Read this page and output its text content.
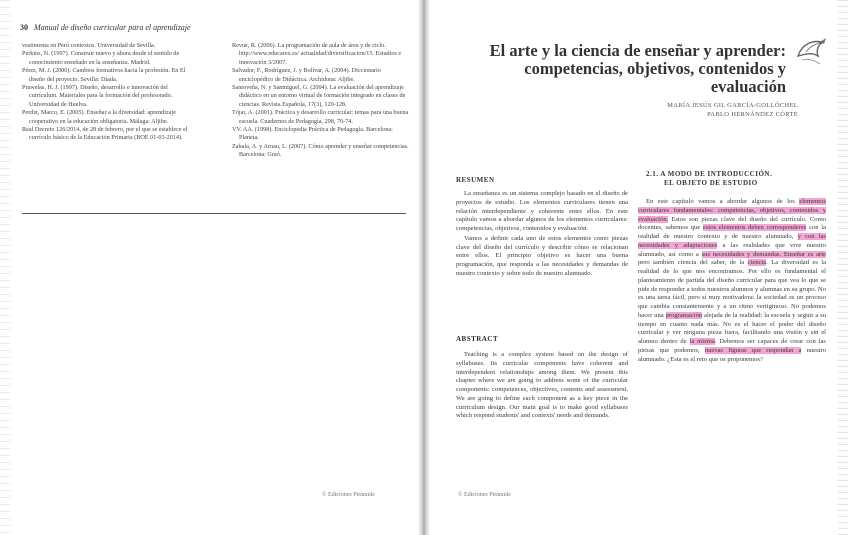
30 Manual de diseño curricular para el aprendizaje
vestimenta en Perú contextos. Universidad de Sevilla.
Perkins, N. (1997). Construir nuevo y ahora desde el sentido de conocimiento enseñado en la enseñanza. Madrid.
Pérez, M. J. (2000). Cambios formativos hacia la profesión. En El diseño del proyecto. Sevilla: Díada.
Prawelas, H. J. (1997). Diseño, desarrollo e innovación del currículum. Materiales para la formación del profesorado. Universidad de Huelva.
Perdiz, Marco, E. (2005). Enseñar a la diversidad: aprendizaje cooperativo en la educación obligatoria. Málaga: Aljibe.
Real Decreto 126/2014, de 28 de febrero, por el que se establece el currículo básico de la Educación Primaria (BOE 01-03-2014).
Revue, R. (2006). La programación de aula de área y de ciclo. http://www.educarex.es/ actualidad/diversificacion/15. Estudios e innovación 3/2007.
Salvador, F., Rodríguez, J. y Bolívar, A. (2004). Diccionario enciclopédico de Didáctica. Archidona: Aljibe.
Santoveña, N. y Sanmiguel, G. (2004). La evaluación del aprendizaje didáctico en un entorno virtual de formación integrado en clases de ciencias. Revista Española, 17(3), 120-128.
Tójar, A. (2001). Práctica y desarrollo curricular: temas para una buena escuela. Cuadernos de Pedagogía, 298, 70-74.
VV. AA. (1998). Enciclopedia Práctica de Pedagogía. Barcelona: Planeta.
Zabala, A. y Arnau, L. (2007). Cómo aprender y enseñar competencias. Barcelona: Graó.
© Ediciones Pirámide
El arte y la ciencia de enseñar y aprender: competencias, objetivos, contenidos y evaluación
MARÍA JESÚS GIL GARCÍA-GOLLÓCHEL
PABLO HERNÁNDEZ CÓRTE
RESUMEN

La enseñanza es un sistema complejo basado en el diseño de proyectos de estudio. Los elementos curriculares tienen una relación interdependiente y coherente entre ellos. En este capítulo vamos a abordar algunos de los elementos curriculares: competencias, objetivos, contenidos y evaluación.

Vamos a definir cada uno de estos elementos como piezas clave del diseño del currículo y describir cómo se relacionan entre ellos. El principio objetivo es hacer una buena programación, que responda a las necesidades y demandas de nuestro contexto y sobre todo de nuestro alumnado.

ABSTRACT

Teaching is a complex system based on the design of syllabuses. Its curricular components have coherent and interdependent relationships among them. We present this chapter where we are going to address some of the curricular components: competences, objectives, contents and assessment. We are going to define each component as a key piece in the curriculum design. Our main goal is to make good syllabuses which respond students' and contexts' needs and demands.

2.1. A MODO DE INTRODUCCIÓN.
EL OBJETO DE ESTUDIO

En este capítulo vamos a abordar algunos de los elementos curriculares fundamentales: competencias, objetivos, contenidos y evaluación. Estos son piezas clave del diseño del currículo. Como docentes, sabemos que estos elementos deben corresponderse con la realidad de nuestro contexto y de nuestro alumnado, y con las necesidades y adaptaciones a las realidades que vive nuestro alumnado, así como a sus necesidades y demandas. Enseñar es arte pero también ciencia del saber, de la ciencia. La diversidad es la realidad de lo que nos encontramos. Por ello es fundamental el planteamiento de partida del diseño curricular para que vea lo que se pide de responder a todos nuestros alumnos y alumnas en su grupo. No es una tarea fácil, pero sí muy motivadora: la sociedad es un proceso que cambia constantemente y a un ritmo vertiginoso. No podemos hacer una programación alejada de la realidad: la escuela y seguir a su tiempo en cuanto nada más. No es el hacer el poder del diseño curricular y ver ninguna pieza fuera, facilitando una visión y sin el alumno dentro de la misma. Debemos ser capaces de crear con las piezas que podemos, nuevas figuras que respondan a nuestro alumnado. ¿Esta es el reto que os proponemos?

© Ediciones Pirámide
